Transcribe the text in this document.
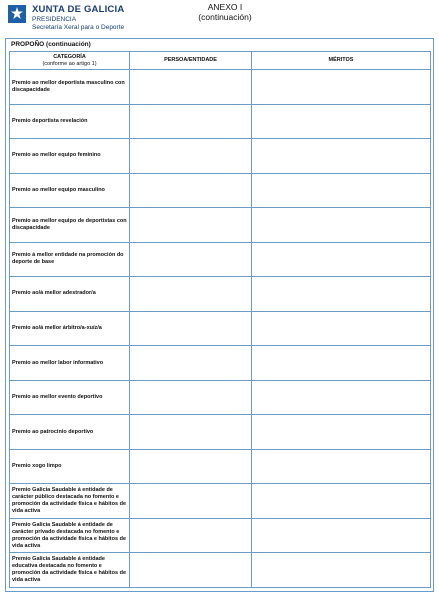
XUNTA DE GALICIA
PRESIDENCIA
Secretaría Xeral para o Deporte
ANEXO I
(continuación)
PROPOÑO (continuación)
CATEGORÍA
(conforme ao artigo 1)	PERSOA/ENTIDADE	MÉRITOS
Premio ao mellor deportista masculino con discapacidade		
Premio deportista revelación		
Premio ao mellor equipo feminino		
Premio ao mellor equipo masculino		
Premio ao mellor equipo de deportistas con discapacidade		
Premio á mellor entidade na promoción do deporte de base		
Premio ao/á mellor adestrador/a		
Premio ao/á mellor árbitro/a-xuíz/a		
Premio ao mellor labor informativo		
Premio ao mellor evento deportivo		
Premio ao patrocinio deportivo		
Premio xogo limpo		
Premio Galicia Saudable á entidade de carácter público destacada no fomento e promoción da actividade física e hábitos de vida activa		
Premio Galicia Saudable á entidade de carácter privado destacada no fomento e promoción da actividade física e hábitos de vida activa		
Premio Galicia Saudable á entidade educativa destacada no fomento e promoción da actividade física e hábitos de vida activa		
